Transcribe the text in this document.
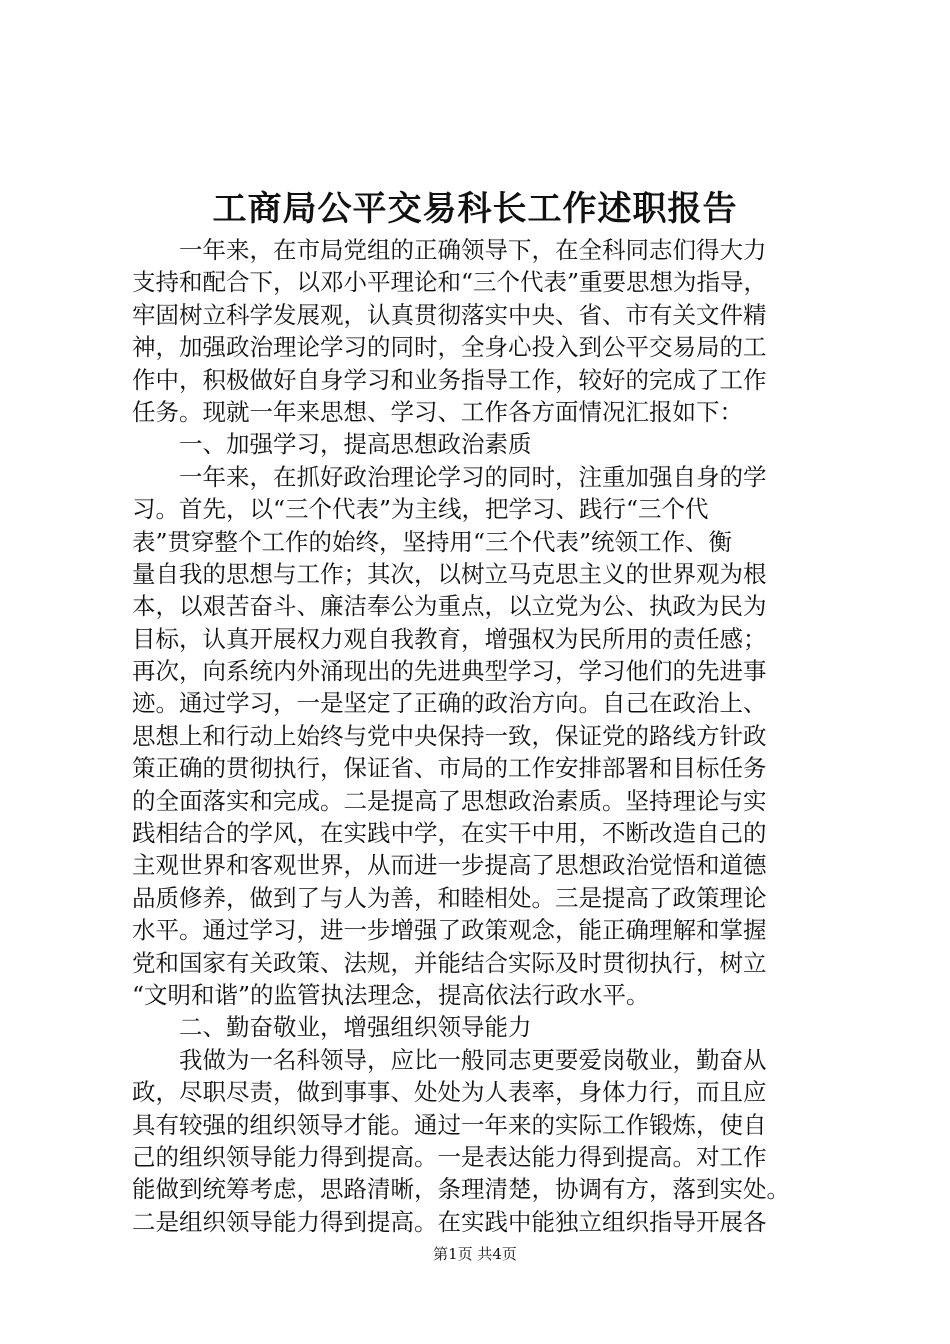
工商局公平交易科长工作述职报告
一年来，在市局党组的正确领导下，在全科同志们得大力
支持和配合下，以邓小平理论和“三个代表”重要思想为指导，
牢固树立科学发展观，认真贯彻落实中央、省、市有关文件精
神，加强政治理论学习的同时，全身心投入到公平交易局的工
作中，积极做好自身学习和业务指导工作，较好的完成了工作
任务。现就一年来思想、学习、工作各方面情况汇报如下：
一、加强学习，提高思想政治素质
一年来，在抓好政治理论学习的同时，注重加强自身的学
习。首先，以“三个代表”为主线，把学习、践行“三个代
表”贯穿整个工作的始终，坚持用“三个代表”统领工作、衡
量自我的思想与工作；其次，以树立马克思主义的世界观为根
本，以艰苦奋斗、廉洁奉公为重点，以立党为公、执政为民为
目标，认真开展权力观自我教育，增强权为民所用的责任感；
再次，向系统内外涌现出的先进典型学习，学习他们的先进事
迹。通过学习，一是坚定了正确的政治方向。自己在政治上、
思想上和行动上始终与党中央保持一致，保证党的路线方针政
策正确的贯彻执行，保证省、市局的工作安排部署和目标任务
的全面落实和完成。二是提高了思想政治素质。坚持理论与实
践相结合的学风，在实践中学，在实干中用，不断改造自己的
主观世界和客观世界，从而进一步提高了思想政治觉悟和道德
品质修养，做到了与人为善，和睦相处。三是提高了政策理论
水平。通过学习，进一步增强了政策观念，能正确理解和掌握
党和国家有关政策、法规，并能结合实际及时贯彻执行，树立
“文明和谐”的监管执法理念，提高依法行政水平。
二、勤奋敬业，增强组织领导能力
我做为一名科领导，应比一般同志更要爱岗敬业，勤奋从
政，尽职尽责，做到事事、处处为人表率，身体力行，而且应
具有较强的组织领导才能。通过一年来的实际工作锻炼，使自
己的组织领导能力得到提高。一是表达能力得到提高。对工作
能做到统筹考虑，思路清晰，条理清楚，协调有方，落到实处。
二是组织领导能力得到提高。在实践中能独立组织指导开展各
第1页 共4页
